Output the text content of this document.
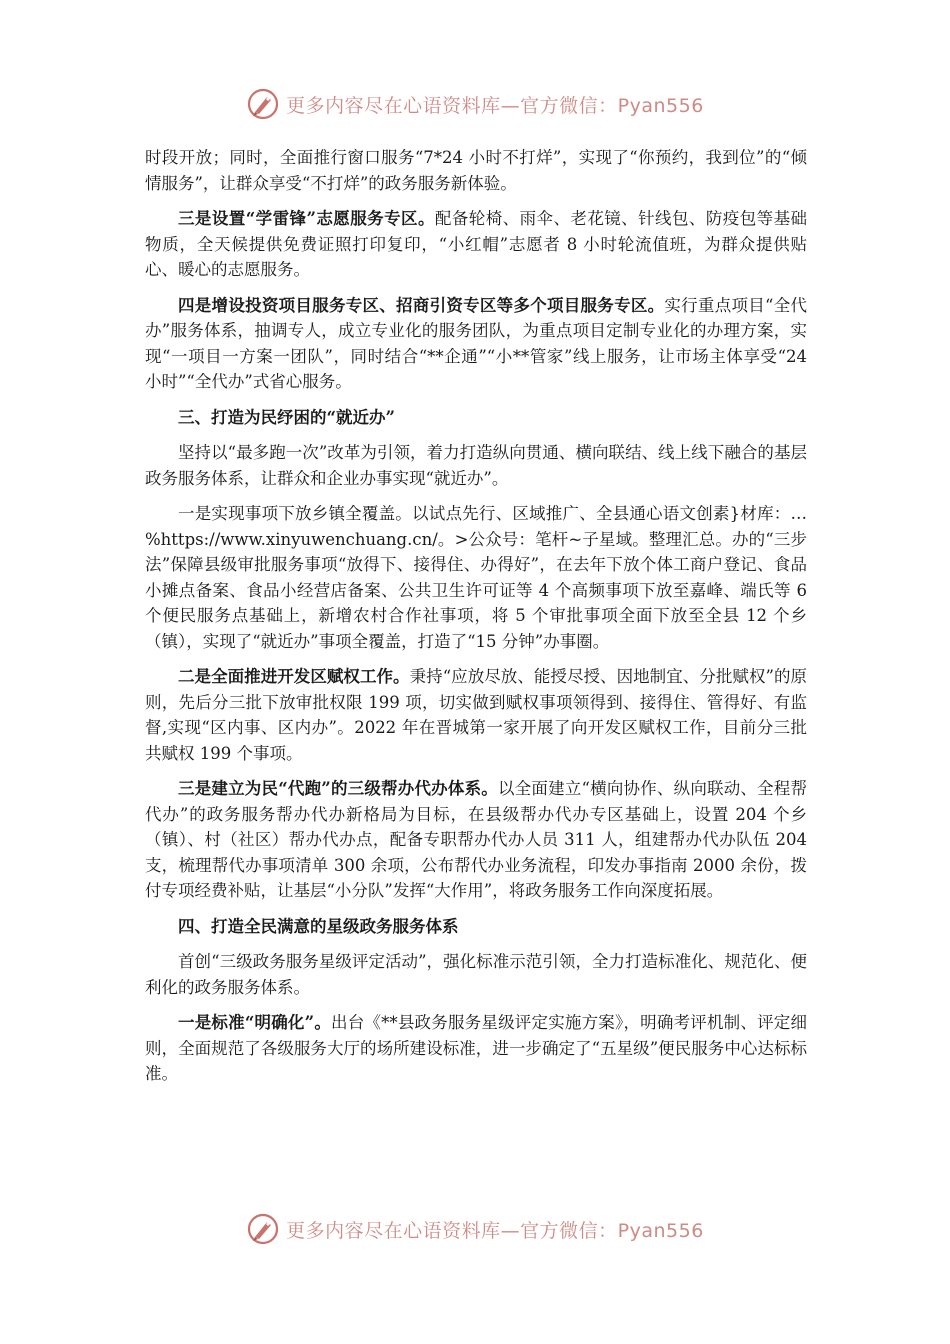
更多内容尽在心语资料库—官方微信：Pyan556

时段开放；同时，全面推行窗口服务“7*24 小时不打烊”，实现了“你预约，我到位”的“倾情服务”，让群众享受“不打烊”的政务服务新体验。

三是设置“学雷锋”志愿服务专区。配备轮椅、雨伞、老花镜、针线包、防疫包等基础物质，全天候提供免费证照打印复印，“小红帽”志愿者 8 小时轮流值班，为群众提供贴心、暖心的志愿服务。

四是增设投资项目服务专区、招商引资专区等多个项目服务专区。实行重点项目“全代办”服务体系，抽调专人，成立专业化的服务团队，为重点项目定制专业化的办理方案，实现“一项目一方案一团队”，同时结合“**企通”“小**管家”线上服务，让市场主体享受“24 小时”“全代办”式省心服务。

三、打造为民纾困的“就近办”

坚持以“最多跑一次”改革为引领，着力打造纵向贯通、横向联结、线上线下融合的基层政务服务体系，让群众和企业办事实现“就近办”。

一是实现事项下放乡镇全覆盖。以试点先行、区域推广、全县通心语文创素}材库：…%https://www.xinyuwenchuang.cn/。>公众号：笔杆~子星域。整理汇总。办的“三步法”保障县级审批服务事项“放得下、接得住、办得好”，在去年下放个体工商户登记、食品小摊点备案、食品小经营店备案、公共卫生许可证等 4 个高频事项下放至嘉峰、端氏等 6 个便民服务点基础上，新增农村合作社事项，将 5 个审批事项全面下放至全县 12 个乡（镇），实现了“就近办”事项全覆盖，打造了“15 分钟”办事圈。

二是全面推进开发区赋权工作。秉持“应放尽放、能授尽授、因地制宜、分批赋权”的原则，先后分三批下放审批权限 199 项，切实做到赋权事项领得到、接得住、管得好、有监督,实现“区内事、区内办”。2022 年在晋城第一家开展了向开发区赋权工作，目前分三批共赋权 199 个事项。

三是建立为民“代跑”的三级帮办代办体系。以全面建立“横向协作、纵向联动、全程帮代办”的政务服务帮办代办新格局为目标，在县级帮办代办专区基础上，设置 204 个乡（镇）、村（社区）帮办代办点，配备专职帮办代办人员 311 人，组建帮办代办队伍 204 支，梳理帮代办事项清单 300 余项，公布帮代办业务流程，印发办事指南 2000 余份，拨付专项经费补贴，让基层“小分队”发挥“大作用”，将政务服务工作向深度拓展。

四、打造全民满意的星级政务服务体系

首创“三级政务服务星级评定活动”，强化标准示范引领，全力打造标准化、规范化、便利化的政务服务体系。

一是标准“明确化”。出台《**县政务服务星级评定实施方案》，明确考评机制、评定细则，全面规范了各级服务大厅的场所建设标准，进一步确定了“五星级”便民服务中心达标标准。

更多内容尽在心语资料库—官方微信：Pyan556
